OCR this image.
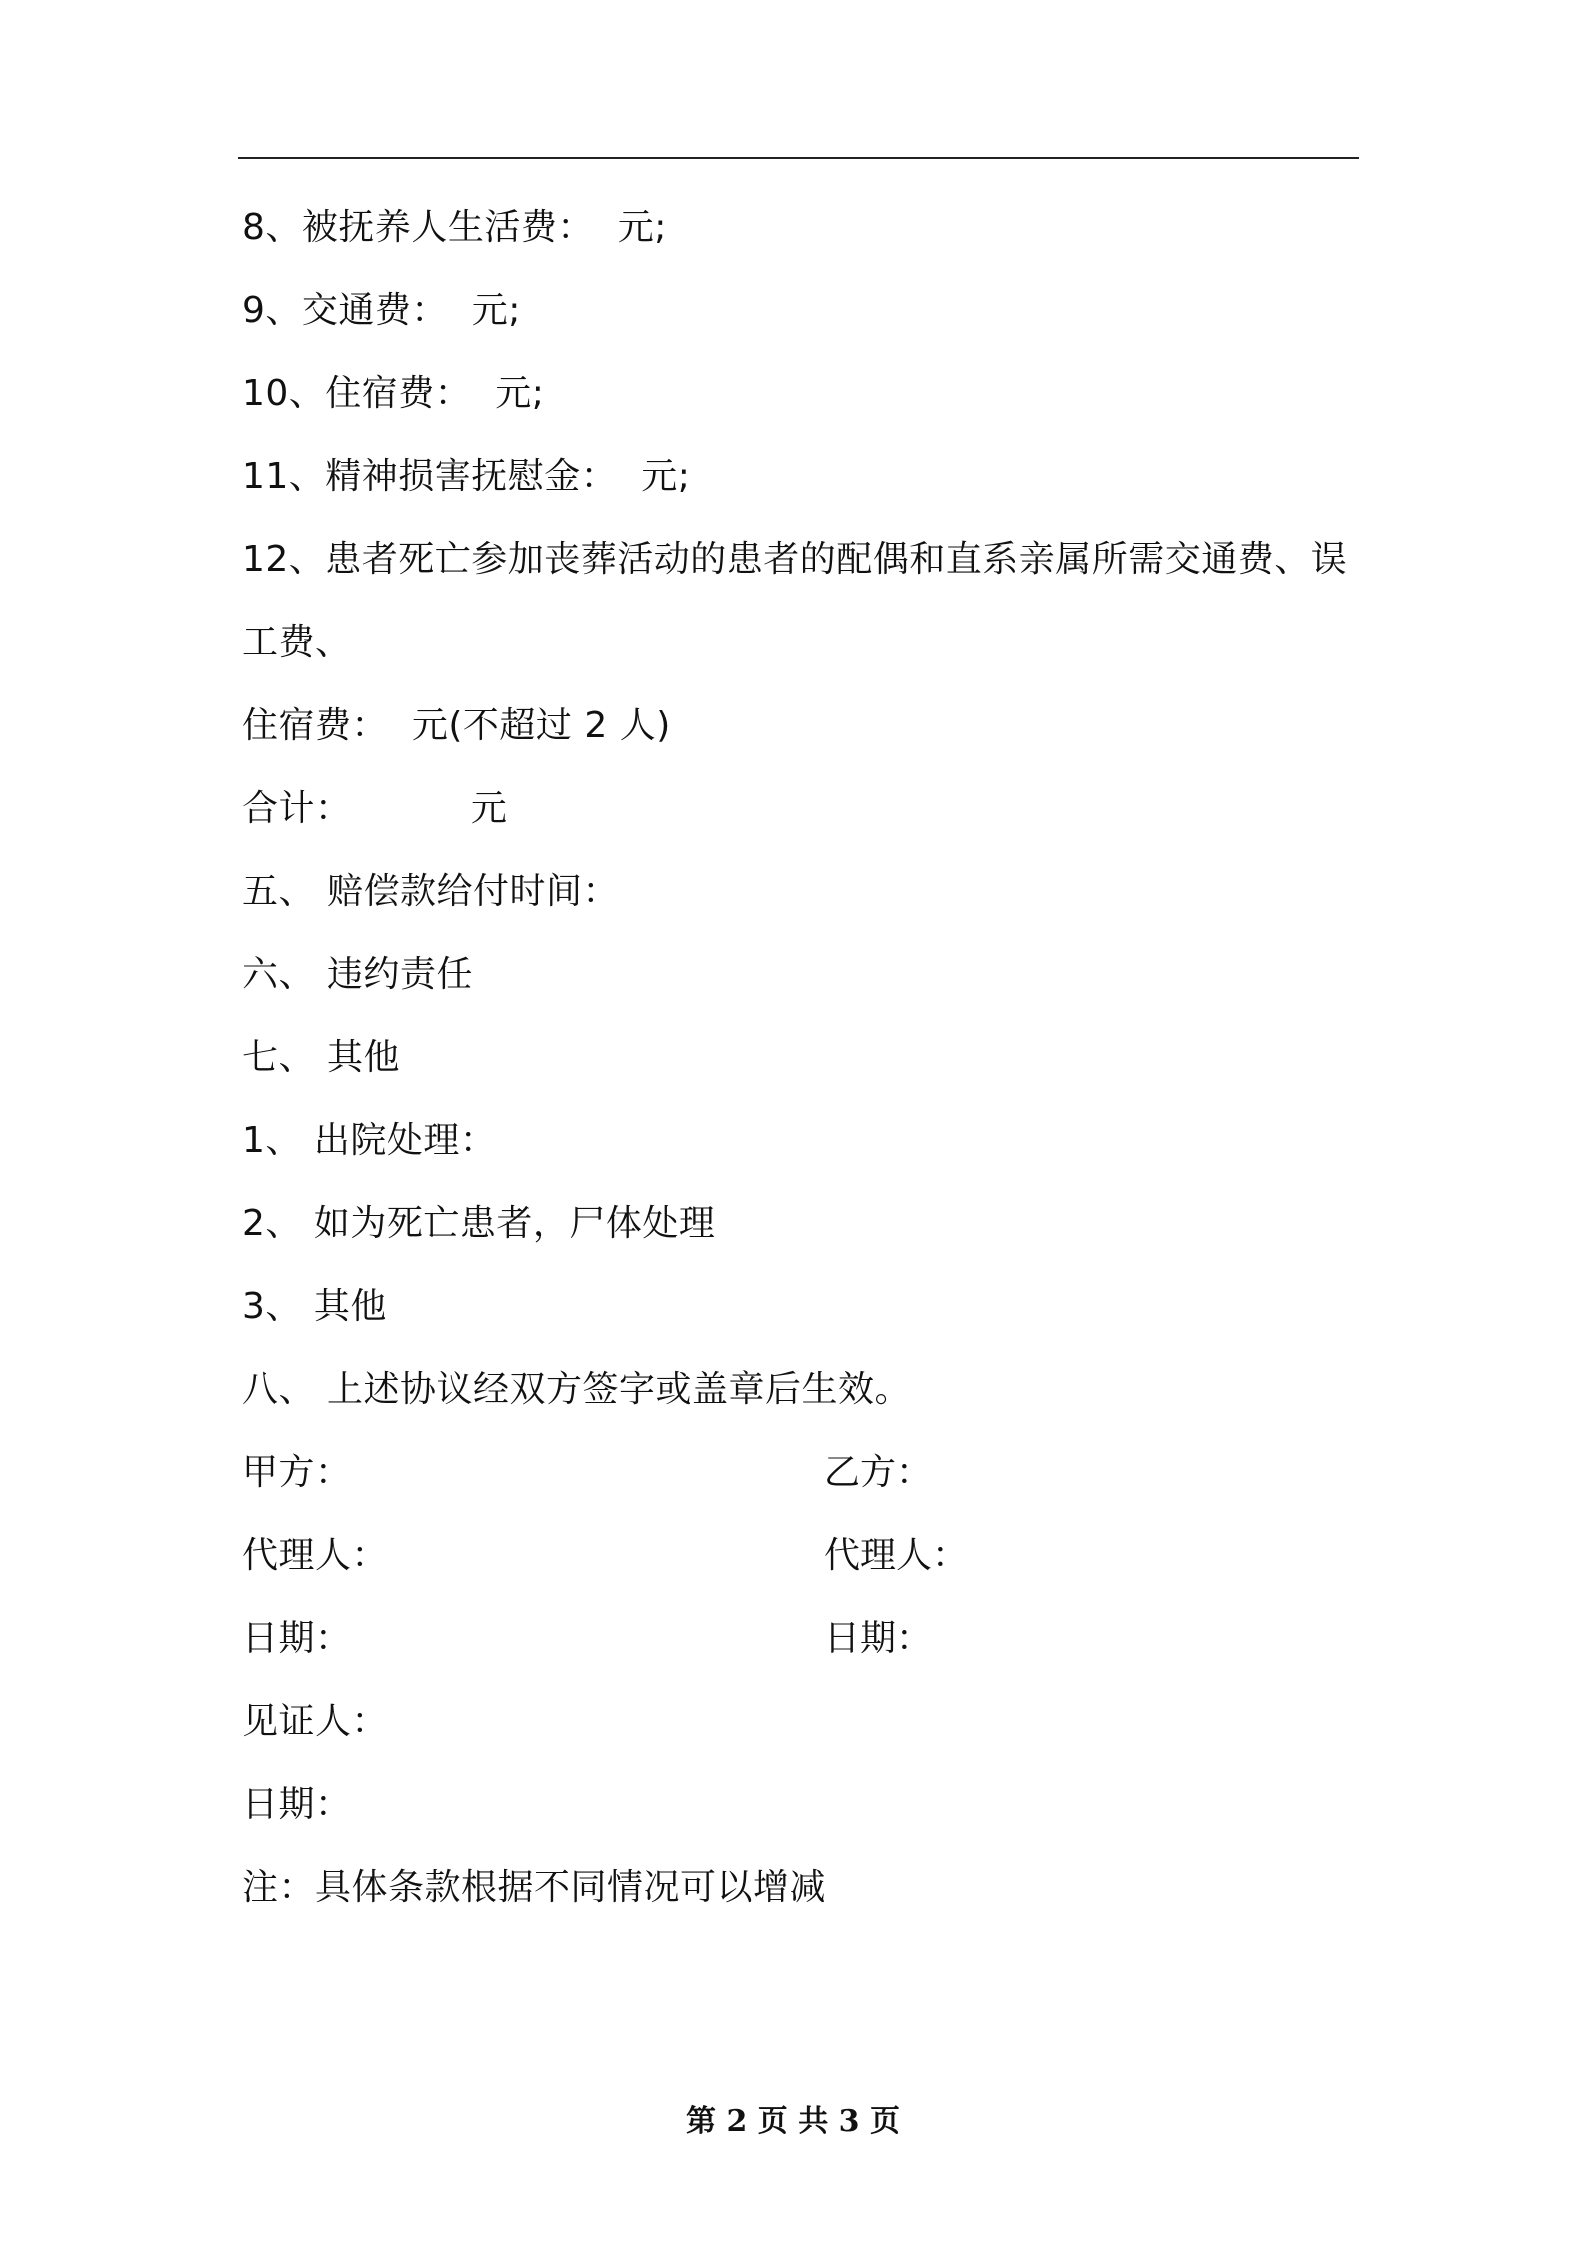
8、被抚养人生活费：  元;
9、交通费：  元;
10、住宿费：  元;
11、精神损害抚慰金：  元;
12、患者死亡参加丧葬活动的患者的配偶和直系亲属所需交通费、误
工费、
住宿费：  元(不超过 2 人)
合计：          元
五、 赔偿款给付时间：
六、 违约责任
七、 其他
1、 出院处理：
2、 如为死亡患者，尸体处理
3、 其他
八、 上述协议经双方签字或盖章后生效。
甲方：	乙方：
代理人：	代理人：
日期：	日期：
见证人：
日期：
注：具体条款根据不同情况可以增减
第 2 页 共 3 页
